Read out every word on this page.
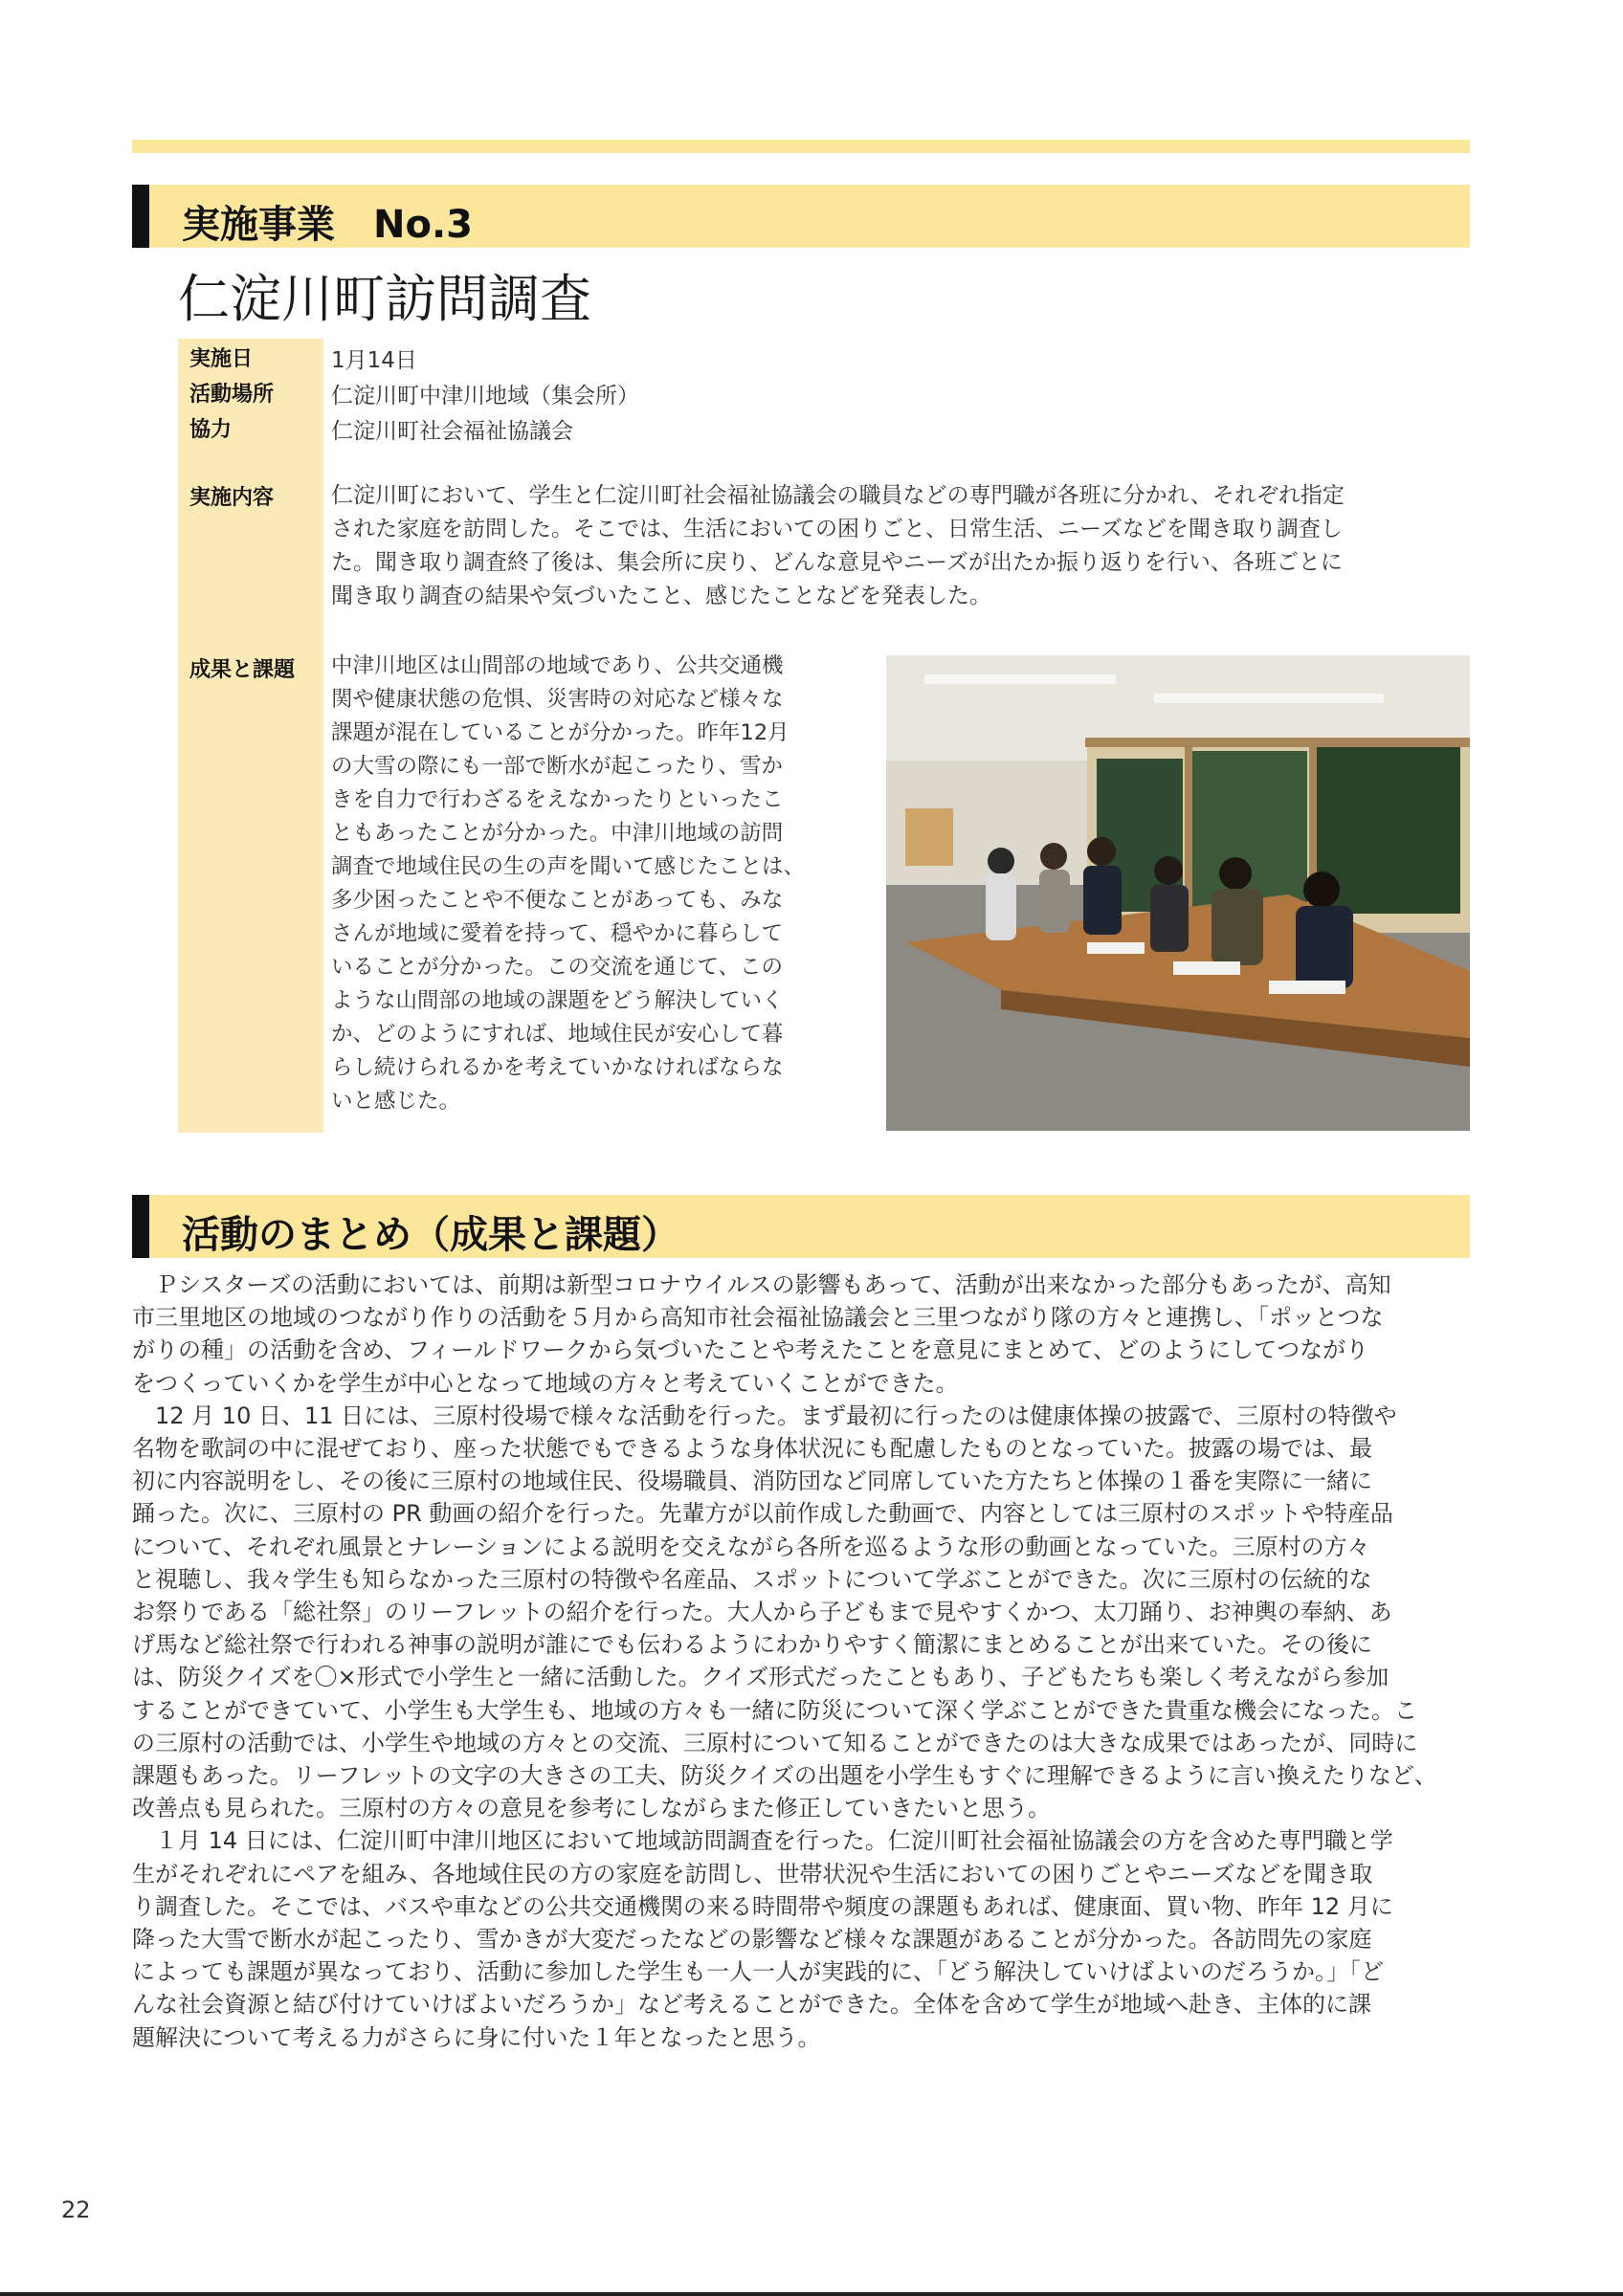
実施事業　No.3
仁淀川町訪問調査
実施日	1月14日
活動場所	仁淀川町中津川地域（集会所）
協力	仁淀川町社会福祉協議会
実施内容	仁淀川町において、学生と仁淀川町社会福祉協議会の職員などの専門職が各班に分かれ、それぞれ指定
された家庭を訪問した。そこでは、生活においての困りごと、日常生活、ニーズなどを聞き取り調査し
た。聞き取り調査終了後は、集会所に戻り、どんな意見やニーズが出たか振り返りを行い、各班ごとに
聞き取り調査の結果や気づいたこと、感じたことなどを発表した。

成果と課題 中津川地区は山間部の地域であり、公共交通機
関や健康状態の危惧、災害時の対応など様々な
課題が混在していることが分かった。昨年12月
の大雪の際にも一部で断水が起こったり、雪か
きを自力で行わざるをえなかったりといったこ
ともあったことが分かった。中津川地域の訪問
調査で地域住民の生の声を聞いて感じたことは、
多少困ったことや不便なことがあっても、みな
さんが地域に愛着を持って、穏やかに暮らして
いることが分かった。この交流を通じて、この
ような山間部の地域の課題をどう解決していく
か、どのようにすれば、地域住民が安心して暮
らし続けられるかを考えていかなければならな
いと感じた。

活動のまとめ（成果と課題）

　Ｐシスターズの活動においては、前期は新型コロナウイルスの影響もあって、活動が出来なかった部分もあったが、高知
市三里地区の地域のつながり作りの活動を５月から高知市社会福祉協議会と三里つながり隊の方々と連携し、「ポッとつな
がりの種」の活動を含め、フィールドワークから気づいたことや考えたことを意見にまとめて、どのようにしてつながり
をつくっていくかを学生が中心となって地域の方々と考えていくことができた。
　12 月 10 日、11 日には、三原村役場で様々な活動を行った。まず最初に行ったのは健康体操の披露で、三原村の特徴や
名物を歌詞の中に混ぜており、座った状態でもできるような身体状況にも配慮したものとなっていた。披露の場では、最
初に内容説明をし、その後に三原村の地域住民、役場職員、消防団など同席していた方たちと体操の１番を実際に一緒に
踊った。次に、三原村の PR 動画の紹介を行った。先輩方が以前作成した動画で、内容としては三原村のスポットや特産品
について、それぞれ風景とナレーションによる説明を交えながら各所を巡るような形の動画となっていた。三原村の方々
と視聴し、我々学生も知らなかった三原村の特徴や名産品、スポットについて学ぶことができた。次に三原村の伝統的な
お祭りである「総社祭」のリーフレットの紹介を行った。大人から子どもまで見やすくかつ、太刀踊り、お神輿の奉納、あ
げ馬など総社祭で行われる神事の説明が誰にでも伝わるようにわかりやすく簡潔にまとめることが出来ていた。その後に
は、防災クイズを〇×形式で小学生と一緒に活動した。クイズ形式だったこともあり、子どもたちも楽しく考えながら参加
することができていて、小学生も大学生も、地域の方々も一緒に防災について深く学ぶことができた貴重な機会になった。こ
の三原村の活動では、小学生や地域の方々との交流、三原村について知ることができたのは大きな成果ではあったが、同時に
課題もあった。リーフレットの文字の大きさの工夫、防災クイズの出題を小学生もすぐに理解できるように言い換えたりなど、
改善点も見られた。三原村の方々の意見を参考にしながらまた修正していきたいと思う。
　１月 14 日には、仁淀川町中津川地区において地域訪問調査を行った。仁淀川町社会福祉協議会の方を含めた専門職と学
生がそれぞれにペアを組み、各地域住民の方の家庭を訪問し、世帯状況や生活においての困りごとやニーズなどを聞き取
り調査した。そこでは、バスや車などの公共交通機関の来る時間帯や頻度の課題もあれば、健康面、買い物、昨年 12 月に
降った大雪で断水が起こったり、雪かきが大変だったなどの影響など様々な課題があることが分かった。各訪問先の家庭
によっても課題が異なっており、活動に参加した学生も一人一人が実践的に、「どう解決していけばよいのだろうか。」「ど
んな社会資源と結び付けていけばよいだろうか」など考えることができた。全体を含めて学生が地域へ赴き、主体的に課
題解決について考える力がさらに身に付いた１年となったと思う。

22
